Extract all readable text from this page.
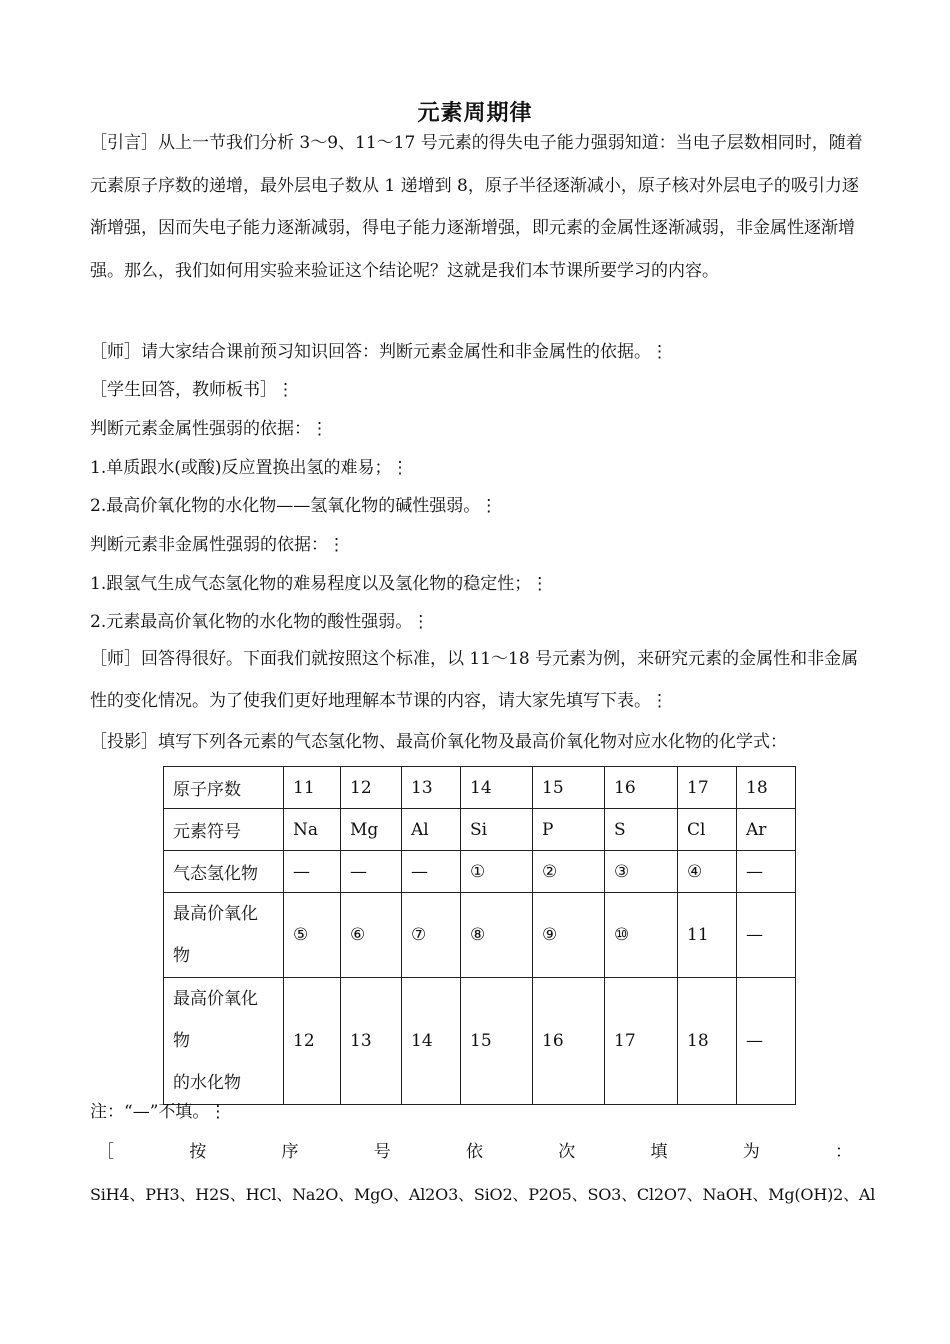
元素周期律

［引言］从上一节我们分析 3～9、11～17 号元素的得失电子能力强弱知道：当电子层数相同时，随着元素原子序数的递增，最外层电子数从 1 递增到 8，原子半径逐渐减小，原子核对外层电子的吸引力逐渐增强，因而失电子能力逐渐减弱，得电子能力逐渐增强，即元素的金属性逐渐减弱，非金属性逐渐增强。那么，我们如何用实验来验证这个结论呢？这就是我们本节课所要学习的内容。

［师］请大家结合课前预习知识回答：判断元素金属性和非金属性的依据。⋮
［学生回答，教师板书］⋮
判断元素金属性强弱的依据：⋮
1.单质跟水(或酸)反应置换出氢的难易；⋮
2.最高价氧化物的水化物——氢氧化物的碱性强弱。⋮
判断元素非金属性强弱的依据：⋮
1.跟氢气生成气态氢化物的难易程度以及氢化物的稳定性；⋮
2.元素最高价氧化物的水化物的酸性强弱。⋮

［师］回答得很好。下面我们就按照这个标准，以 11～18 号元素为例，来研究元素的金属性和非金属性的变化情况。为了使我们更好地理解本节课的内容，请大家先填写下表。⋮

［投影］填写下列各元素的气态氢化物、最高价氧化物及最高价氧化物对应水化物的化学式：
原子序数	11	12	13	14	15	16	17	18
元素符号	Na	Mg	Al	Si	P	S	Cl	Ar
气态氢化物	—	—	—	①	②	③	④	—
最高价氧化
物	⑤	⑥	⑦	⑧	⑨	⑩	11	—
最高价氧化
物
的水化物	12	13	14	15	16	17	18	—
注：“—”不填。⋮
［	按	序	号	依	次	填	为	：
SiH4、PH3、H2S、HCl、Na2O、MgO、Al2O3、SiO2、P2O5、SO3、Cl2O7、NaOH、Mg(OH)2、Al
